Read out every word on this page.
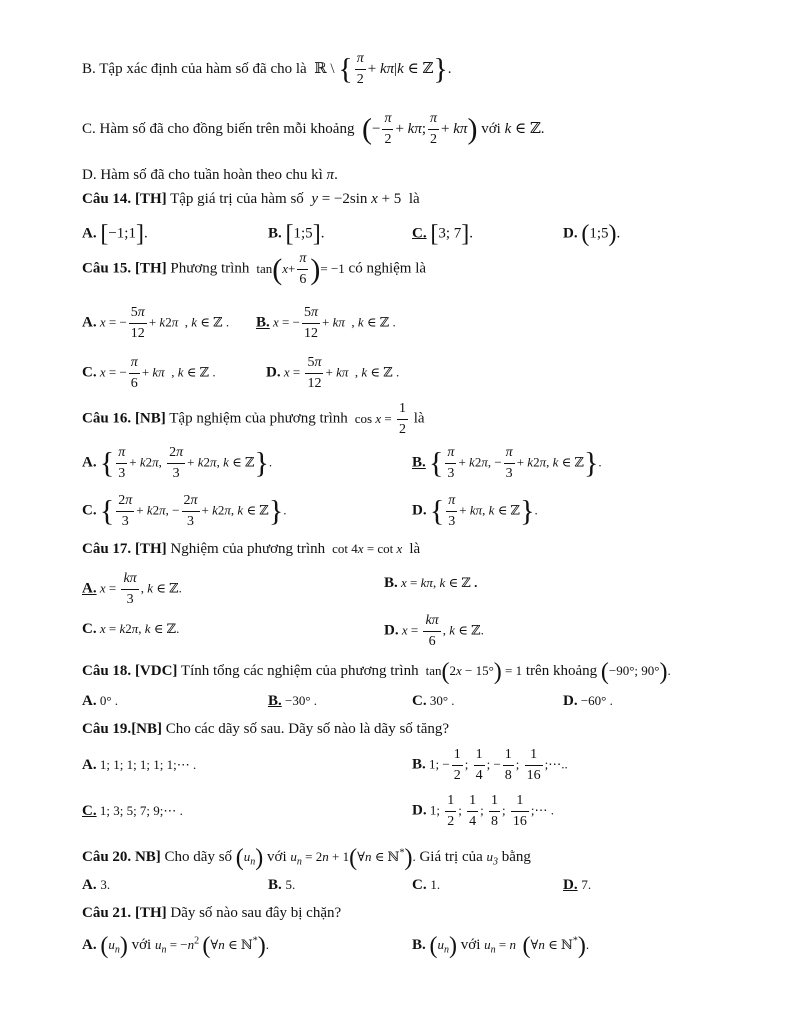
B. Tập xác định của hàm số đã cho là  ℝ \ { $\frac{\pi}{2} + k\pi|k$ ∈ ℤ}.
C. Hàm số đã cho đồng biến trên mỗi khoảng (− $\frac{\pi}{2} + k\pi$; $\frac{\pi}{2} + k\pi$) với k ∈ ℤ.
D. Hàm số đã cho tuần hoàn theo chu kì π.
Câu 14. [TH] Tập giá trị của hàm số  y = −2sin x + 5  là
A. [−1;1].	B. [1;5].	C. [3; 7].	D. (1;5).
Câu 15. [TH] Phương trình  $\tan(x+ \frac{\pi}{6}$ )= −1 có nghiệm là
A. x = − $\frac{5\pi}{12} + k2\pi$  , k ∈ ℤ . B. x = − $\frac{5\pi}{12} + k\pi$  , k ∈ ℤ .
C. x = − $\frac{\pi}{6} + k\pi$  , k ∈ ℤ .	D. $x = \frac{5\pi}{12} + k\pi$  , k ∈ ℤ .
Câu 16. [NB] Tập nghiệm của phương trình  $\cos x = \frac{1}{2}$ là
A. { $\frac{\pi}{3} + k2\pi$, $\frac{2\pi}{3} + k2\pi$, k ∈ ℤ}.	B. { $\frac{\pi}{3} + k2\pi$, − $\frac{\pi}{3} + k2\pi$, k ∈ ℤ}.
C. { $\frac{2\pi}{3} + k2\pi$, − $\frac{2\pi}{3} + k2\pi$, k ∈ ℤ}.	D. { $\frac{\pi}{3} + k\pi$, k ∈ ℤ}.
Câu 17. [TH] Nghiệm của phương trình  cot 4x = cot x là
A. $x = \frac{k\pi}{3}$ , k ∈ ℤ.	B. x = kπ, k ∈ ℤ .
C. x = k2π, k ∈ ℤ.	D. $x = \frac{k\pi}{6}$ , k ∈ ℤ.
Câu 18. [VDC] Tính tổng các nghiệm của phương trình  tan(2x − 15°) = 1 trên khoảng (−90°; 90°).
A. 0° .	B. −30° .	C. 30° .	D. −60° .
Câu 19.[NB] Cho các dãy số sau. Dãy số nào là dãy số tăng?
A. 1; 1; 1; 1; 1; 1;⋯ .	B. 1; − $\frac{1}{2}$ ; $\frac{1}{4}$ ; − $\frac{1}{8}$ ; $\frac{1}{16}$ ;⋯..
C. 1; 3; 5; 7; 9;⋯ .	D. 1; $\frac{1}{2}$ ; $\frac{1}{4}$ ; $\frac{1}{8}$ ; $\frac{1}{16}$ ;⋯ .
Câu 20. NB] Cho dãy số $(u_n)$ với $u_n = 2n$ + 1(∀n ∈ ℕ*). Giá trị của $u_3$ bằng
A. 3.	B. 5.	C. 1.	D. 7.
Câu 21. [TH] Dãy số nào sau đây bị chặn?
A. $(u_n)$ với $u_n = -n^2$ (∀n ∈ ℕ*).	B. $(u_n)$ với $u_n = n$ (∀n ∈ ℕ*).
